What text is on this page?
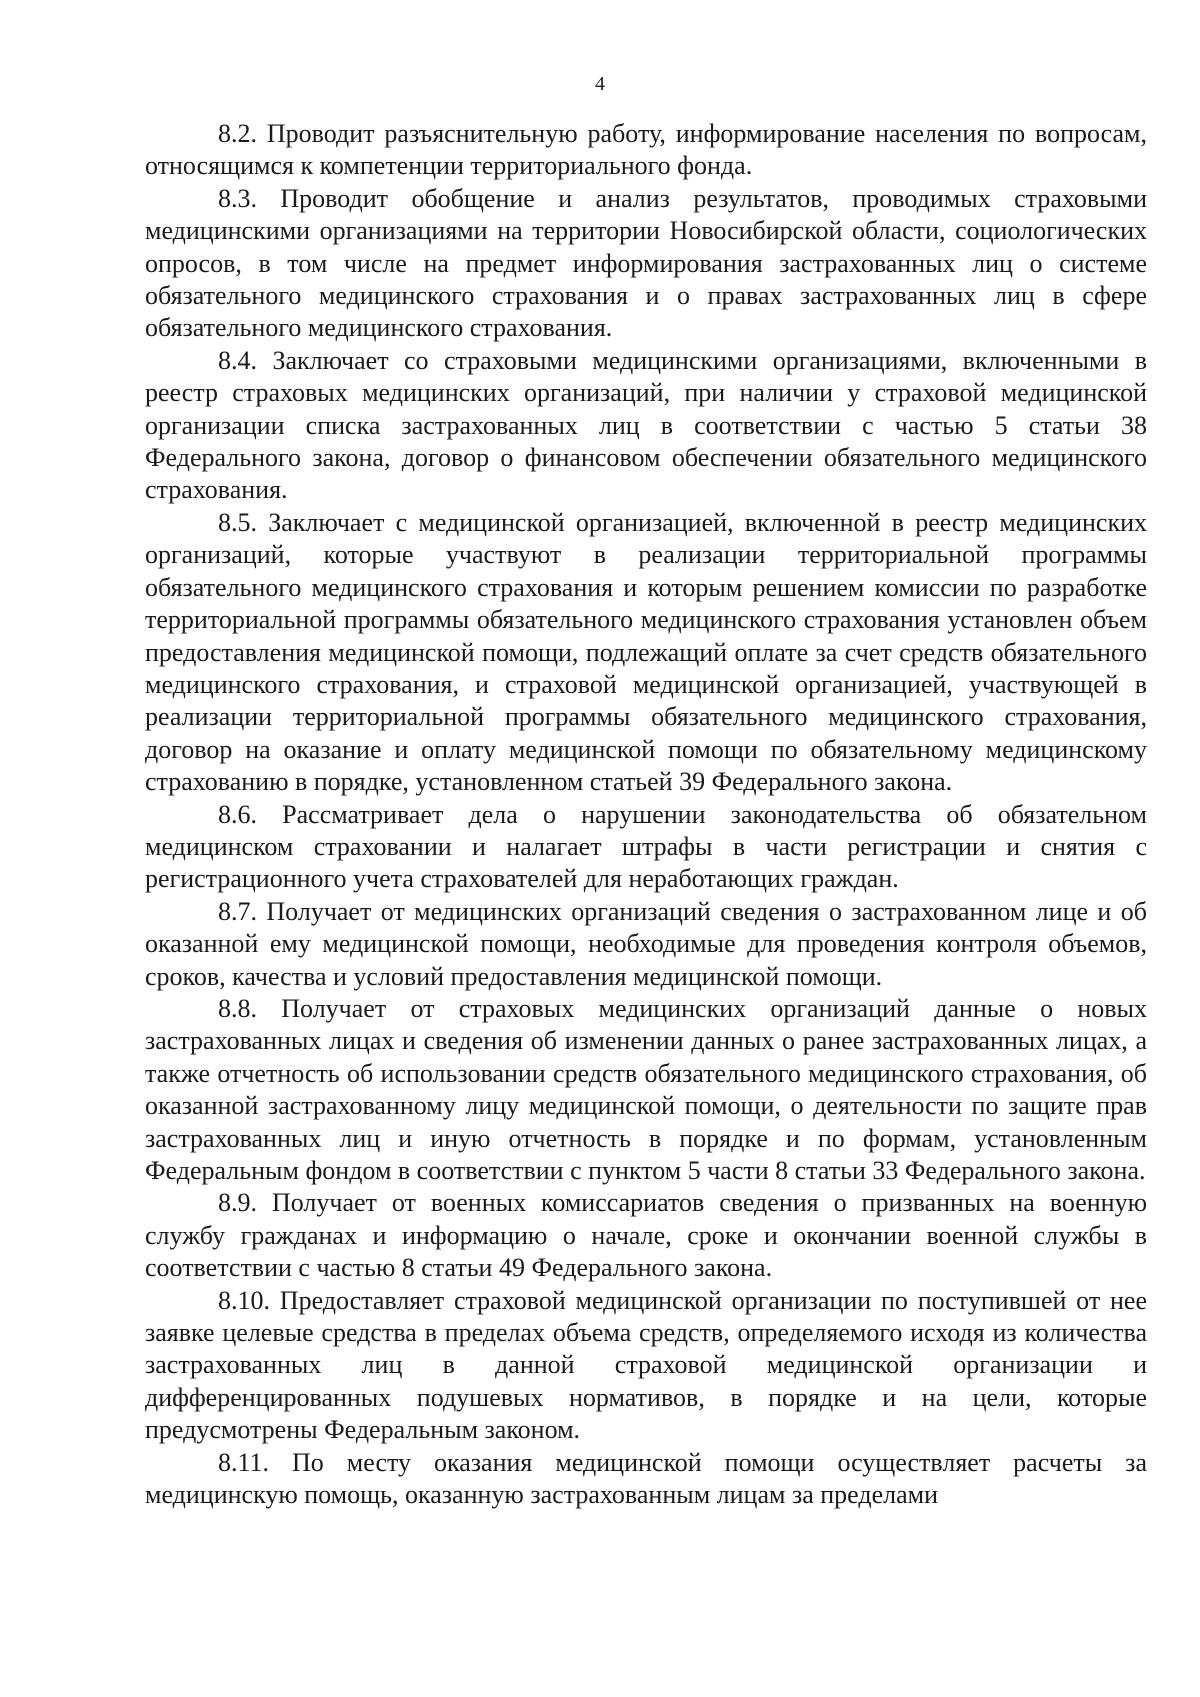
4

8.2. Проводит разъяснительную работу, информирование населения по вопросам, относящимся к компетенции территориального фонда.

8.3. Проводит обобщение и анализ результатов, проводимых страховыми медицинскими организациями на территории Новосибирской области, социологических опросов, в том числе на предмет информирования застрахованных лиц о системе обязательного медицинского страхования и о правах застрахованных лиц в сфере обязательного медицинского страхования.

8.4. Заключает со страховыми медицинскими организациями, включенными в реестр страховых медицинских организаций, при наличии у страховой медицинской организации списка застрахованных лиц в соответствии с частью 5 статьи 38 Федерального закона, договор о финансовом обеспечении обязательного медицинского страхования.

8.5. Заключает с медицинской организацией, включенной в реестр медицинских организаций, которые участвуют в реализации территориальной программы обязательного медицинского страхования и которым решением комиссии по разработке территориальной программы обязательного медицинского страхования установлен объем предоставления медицинской помощи, подлежащий оплате за счет средств обязательного медицинского страхования, и страховой медицинской организацией, участвующей в реализации территориальной программы обязательного медицинского страхования, договор на оказание и оплату медицинской помощи по обязательному медицинскому страхованию в порядке, установленном статьей 39 Федерального закона.

8.6. Рассматривает дела о нарушении законодательства об обязательном медицинском страховании и налагает штрафы в части регистрации и снятия с регистрационного учета страхователей для неработающих граждан.

8.7. Получает от медицинских организаций сведения о застрахованном лице и об оказанной ему медицинской помощи, необходимые для проведения контроля объемов, сроков, качества и условий предоставления медицинской помощи.

8.8. Получает от страховых медицинских организаций данные о новых застрахованных лицах и сведения об изменении данных о ранее застрахованных лицах, а также отчетность об использовании средств обязательного медицинского страхования, об оказанной застрахованному лицу медицинской помощи, о деятельности по защите прав застрахованных лиц и иную отчетность в порядке и по формам, установленным Федеральным фондом в соответствии с пунктом 5 части 8 статьи 33 Федерального закона.

8.9. Получает от военных комиссариатов сведения о призванных на военную службу гражданах и информацию о начале, сроке и окончании военной службы в соответствии с частью 8 статьи 49 Федерального закона.

8.10. Предоставляет страховой медицинской организации по поступившей от нее заявке целевые средства в пределах объема средств, определяемого исходя из количества застрахованных лиц в данной страховой медицинской организации и дифференцированных подушевых нормативов, в порядке и на цели, которые предусмотрены Федеральным законом.

8.11. По месту оказания медицинской помощи осуществляет расчеты за медицинскую помощь, оказанную застрахованным лицам за пределами
